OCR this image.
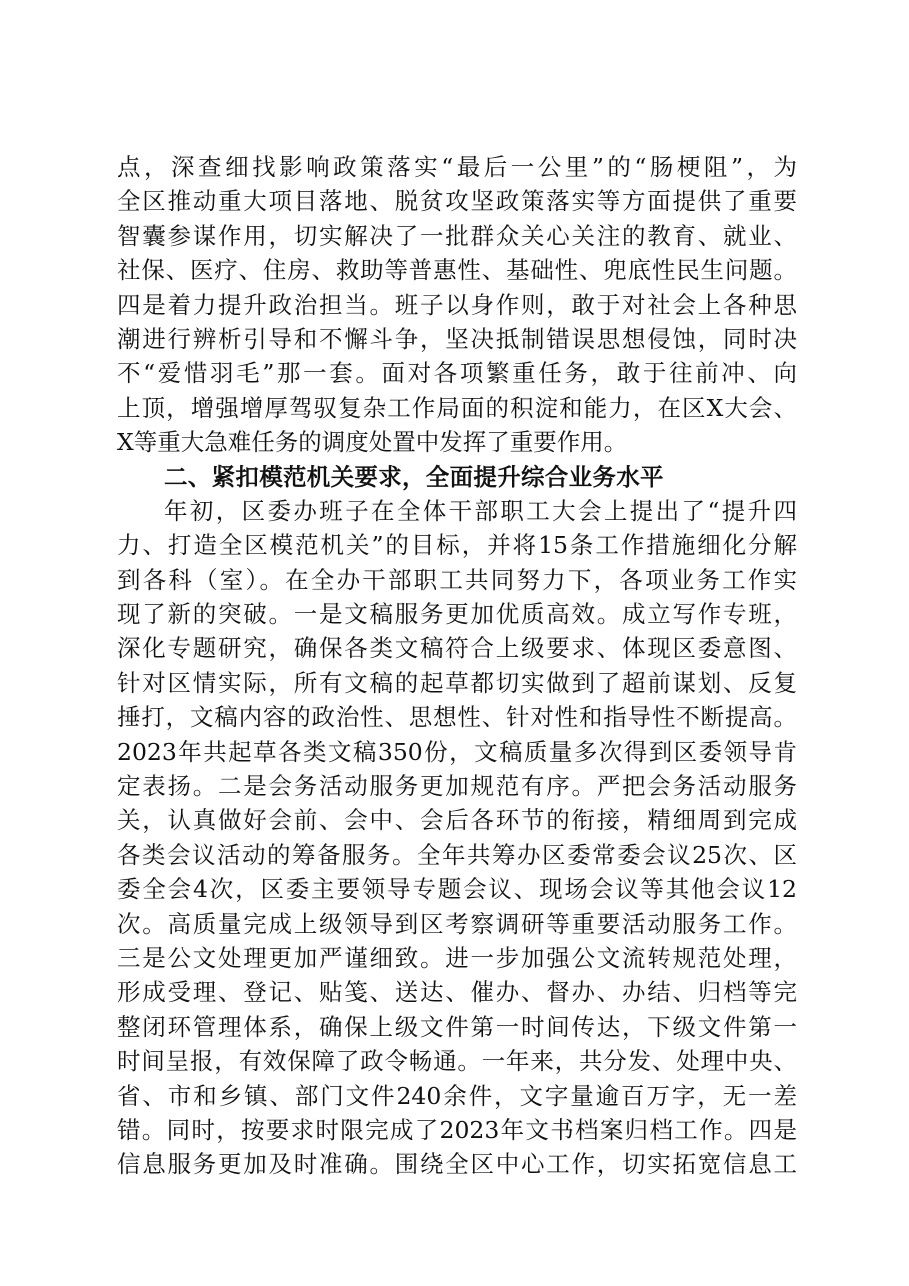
点，深查细找影响政策落实“最后一公里”的“肠梗阻”，为
全区推动重大项目落地、脱贫攻坚政策落实等方面提供了重要
智囊参谋作用，切实解决了一批群众关心关注的教育、就业、
社保、医疗、住房、救助等普惠性、基础性、兜底性民生问题。
四是着力提升政治担当。班子以身作则，敢于对社会上各种思
潮进行辨析引导和不懈斗争，坚决抵制错误思想侵蚀，同时决
不“爱惜羽毛”那一套。面对各项繁重任务，敢于往前冲、向
上顶，增强增厚驾驭复杂工作局面的积淀和能力，在区X大会、
X等重大急难任务的调度处置中发挥了重要作用。
二、紧扣模范机关要求，全面提升综合业务水平
年初，区委办班子在全体干部职工大会上提出了“提升四
力、打造全区模范机关”的目标，并将15条工作措施细化分解
到各科（室）。在全办干部职工共同努力下，各项业务工作实
现了新的突破。一是文稿服务更加优质高效。成立写作专班，
深化专题研究，确保各类文稿符合上级要求、体现区委意图、
针对区情实际，所有文稿的起草都切实做到了超前谋划、反复
捶打，文稿内容的政治性、思想性、针对性和指导性不断提高。
2023年共起草各类文稿350份，文稿质量多次得到区委领导肯
定表扬。二是会务活动服务更加规范有序。严把会务活动服务
关，认真做好会前、会中、会后各环节的衔接，精细周到完成
各类会议活动的筹备服务。全年共筹办区委常委会议25次、区
委全会4次，区委主要领导专题会议、现场会议等其他会议12
次。高质量完成上级领导到区考察调研等重要活动服务工作。
三是公文处理更加严谨细致。进一步加强公文流转规范处理，
形成受理、登记、贴笺、送达、催办、督办、办结、归档等完
整闭环管理体系，确保上级文件第一时间传达，下级文件第一
时间呈报，有效保障了政令畅通。一年来，共分发、处理中央、
省、市和乡镇、部门文件240余件，文字量逾百万字，无一差
错。同时，按要求时限完成了2023年文书档案归档工作。四是
信息服务更加及时准确。围绕全区中心工作，切实拓宽信息工
